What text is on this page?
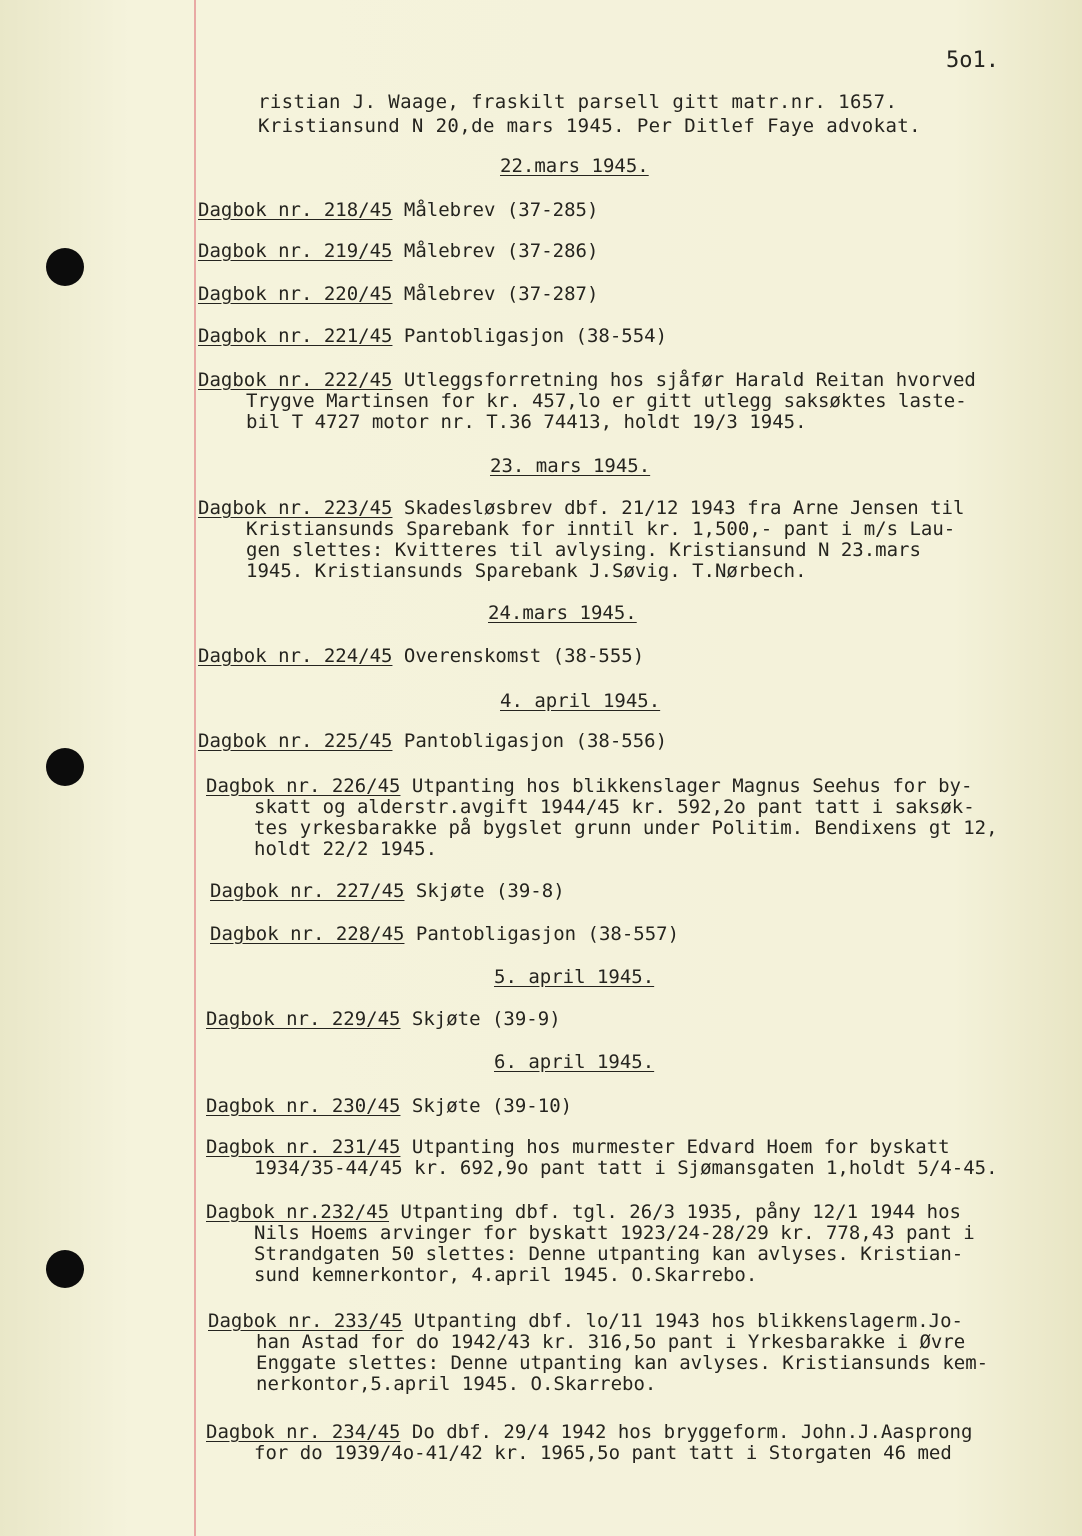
5o1.
ristian J. Waage, fraskilt parsell gitt matr.nr. 1657.
Kristiansund N 20,de mars 1945. Per Ditlef Faye advokat.
22.mars 1945.
Dagbok nr. 218/45 Målebrev (37-285)
Dagbok nr. 219/45 Målebrev (37-286)
Dagbok nr. 220/45 Målebrev (37-287)
Dagbok nr. 221/45 Pantobligasjon (38-554)
Dagbok nr. 222/45 Utleggsforretning hos sjåfør Harald Reitan hvorved
Trygve Martinsen for kr. 457,lo er gitt utlegg saksøktes laste-
bil T 4727 motor nr. T.36 74413, holdt 19/3 1945.
23. mars 1945.
Dagbok nr. 223/45 Skadesløsbrev dbf. 21/12 1943 fra Arne Jensen til
Kristiansunds Sparebank for inntil kr. 1,500,- pant i m/s Lau-
gen slettes: Kvitteres til avlysing. Kristiansund N 23.mars
1945. Kristiansunds Sparebank J.Søvig. T.Nørbech.
24.mars 1945.
Dagbok nr. 224/45 Overenskomst (38-555)
4. april 1945.
Dagbok nr. 225/45 Pantobligasjon (38-556)
Dagbok nr. 226/45 Utpanting hos blikkenslager Magnus Seehus for by-
skatt og alderstr.avgift 1944/45 kr. 592,2o pant tatt i saksøk-
tes yrkesbarakke på bygslet grunn under Politim. Bendixens gt 12,
holdt 22/2 1945.
Dagbok nr. 227/45 Skjøte (39-8)
Dagbok nr. 228/45 Pantobligasjon (38-557)
5. april 1945.
Dagbok nr. 229/45 Skjøte (39-9)
6. april 1945.
Dagbok nr. 230/45 Skjøte (39-10)
Dagbok nr. 231/45 Utpanting hos murmester Edvard Hoem for byskatt
1934/35-44/45 kr. 692,9o pant tatt i Sjømansgaten 1,holdt 5/4-45.
Dagbok nr.232/45 Utpanting dbf. tgl. 26/3 1935, påny 12/1 1944 hos
Nils Hoems arvinger for byskatt 1923/24-28/29 kr. 778,43 pant i
Strandgaten 50 slettes: Denne utpanting kan avlyses. Kristian-
sund kemnerkontor, 4.april 1945. O.Skarrebo.
Dagbok nr. 233/45 Utpanting dbf. lo/11 1943 hos blikkenslagerm.Jo-
han Astad for do 1942/43 kr. 316,5o pant i Yrkesbarakke i Øvre
Enggate slettes: Denne utpanting kan avlyses. Kristiansunds kem-
nerkontor,5.april 1945. O.Skarrebo.
Dagbok nr. 234/45 Do dbf. 29/4 1942 hos bryggeform. John.J.Aasprong
for do 1939/4o-41/42 kr. 1965,5o pant tatt i Storgaten 46 med
